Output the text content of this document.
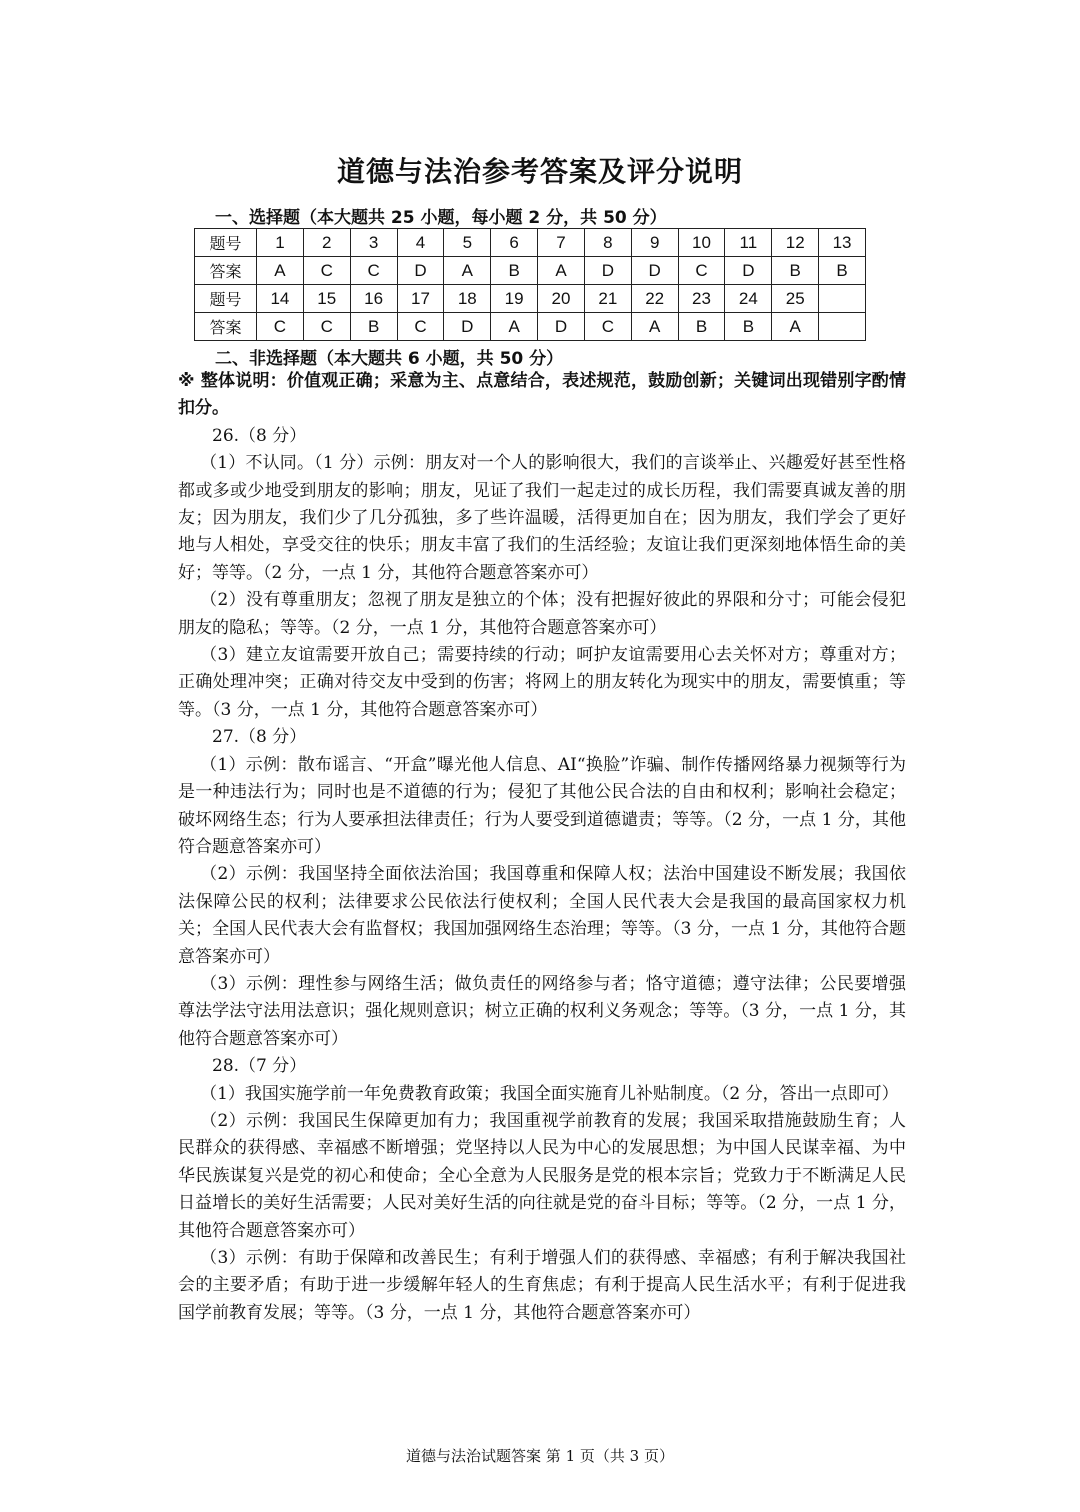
道德与法治参考答案及评分说明
一、选择题（本大题共 25 小题，每小题 2 分，共 50 分）
题号	1	2	3	4	5	6	7	8	9	10	11	12	13
答案	A	C	C	D	A	B	A	D	D	C	D	B	B
题号	14	15	16	17	18	19	20	21	22	23	24	25	
答案	C	C	B	C	D	A	D	C	A	B	B	A	
二、非选择题（本大题共 6 小题，共 50 分）

※ 整体说明：价值观正确；采意为主、点意结合，表述规范，鼓励创新；关键词出现错别字酌情扣分。

26.（8 分）

（1）不认同。（1 分）示例：朋友对一个人的影响很大，我们的言谈举止、兴趣爱好甚至性格都或多或少地受到朋友的影响；朋友，见证了我们一起走过的成长历程，我们需要真诚友善的朋友；因为朋友，我们少了几分孤独，多了些许温暖，活得更加自在；因为朋友，我们学会了更好地与人相处，享受交往的快乐；朋友丰富了我们的生活经验；友谊让我们更深刻地体悟生命的美好；等等。（2 分，一点 1 分，其他符合题意答案亦可）

（2）没有尊重朋友；忽视了朋友是独立的个体；没有把握好彼此的界限和分寸；可能会侵犯朋友的隐私；等等。（2 分，一点 1 分，其他符合题意答案亦可）

（3）建立友谊需要开放自己；需要持续的行动；呵护友谊需要用心去关怀对方；尊重对方；正确处理冲突；正确对待交友中受到的伤害；将网上的朋友转化为现实中的朋友，需要慎重；等等。（3 分，一点 1 分，其他符合题意答案亦可）

27.（8 分）

（1）示例：散布谣言、“开盒”曝光他人信息、AI“换脸”诈骗、制作传播网络暴力视频等行为是一种违法行为；同时也是不道德的行为；侵犯了其他公民合法的自由和权利；影响社会稳定；破坏网络生态；行为人要承担法律责任；行为人要受到道德谴责；等等。（2 分，一点 1 分，其他符合题意答案亦可）

（2）示例：我国坚持全面依法治国；我国尊重和保障人权；法治中国建设不断发展；我国依法保障公民的权利；法律要求公民依法行使权利；全国人民代表大会是我国的最高国家权力机关；全国人民代表大会有监督权；我国加强网络生态治理；等等。（3 分，一点 1 分，其他符合题意答案亦可）

（3）示例：理性参与网络生活；做负责任的网络参与者；恪守道德；遵守法律；公民要增强尊法学法守法用法意识；强化规则意识；树立正确的权利义务观念；等等。（3 分，一点 1 分，其他符合题意答案亦可）

28.（7 分）

（1）我国实施学前一年免费教育政策；我国全面实施育儿补贴制度。（2 分，答出一点即可）

（2）示例：我国民生保障更加有力；我国重视学前教育的发展；我国采取措施鼓励生育；人民群众的获得感、幸福感不断增强；党坚持以人民为中心的发展思想；为中国人民谋幸福、为中华民族谋复兴是党的初心和使命；全心全意为人民服务是党的根本宗旨；党致力于不断满足人民日益增长的美好生活需要；人民对美好生活的向往就是党的奋斗目标；等等。（2 分，一点 1 分，其他符合题意答案亦可）

（3）示例：有助于保障和改善民生；有利于增强人们的获得感、幸福感；有利于解决我国社会的主要矛盾；有助于进一步缓解年轻人的生育焦虑；有利于提高人民生活水平；有利于促进我国学前教育发展；等等。（3 分，一点 1 分，其他符合题意答案亦可）

道德与法治试题答案 第 1 页（共 3 页）
